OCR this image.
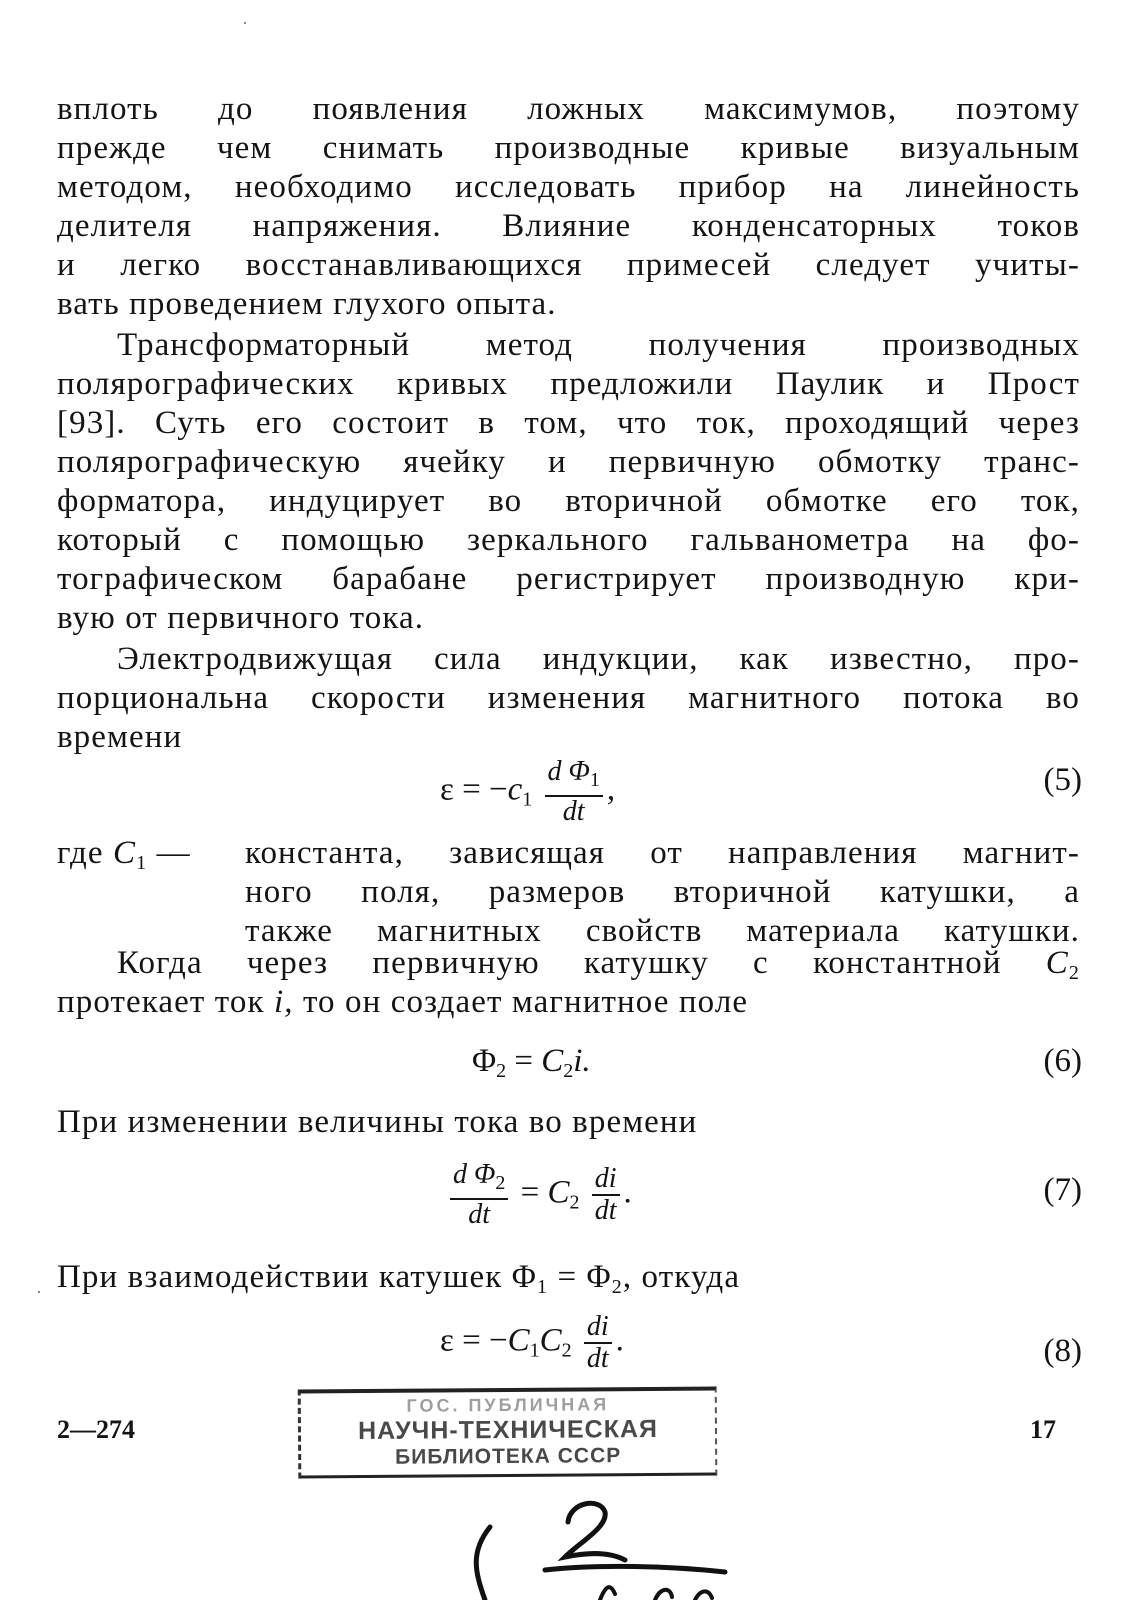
вплоть до появления ложных максимумов, поэтому
прежде чем снимать производные кривые визуальным
методом, необходимо исследовать прибор на линейность
делителя напряжения. Влияние конденсаторных токов
и легко восстанавливающихся примесей следует учиты-
вать проведением глухого опыта.
Трансформаторный метод получения производных
полярографических кривых предложили Паулик и Прост
[93]. Суть его состоит в том, что ток, проходящий через
полярографическую ячейку и первичную обмотку транс-
форматора, индуцирует во вторичной обмотке его ток,
который с помощью зеркального гальванометра на фо-
тографическом барабане регистрирует производную кри-
вую от первичного тока.
Электродвижущая сила индукции, как известно, про-
порциональна скорости изменения магнитного потока во
времени
$\varepsilon = -c_1 \frac{d \Phi_1}{dt}$ ,	(5)
где $C_1$ — константа, зависящая от направления магнит-
ного поля, размеров вторичной катушки, а
также магнитных свойств материала катушки.
Когда через первичную катушку с константной $C_2$
протекает ток i, то он создает магнитное поле
$\Phi_2 = C_2i$.	(6)
При изменении величины тока во времени
$\frac{d \Phi_2}{dt} = C_2 \frac{di}{dt}$ .	(7)
При взаимодействии катушек $\Phi_1 = \Phi_2$, откуда
$\varepsilon = -C_1C_2 \frac{di}{dt}$ .	(8)
2—274	17
ГОС. ПУБЛИЧНАЯ
НАУЧН-ТЕХНИЧЕСКАЯ
БИБЛИОТЕКА СССР
